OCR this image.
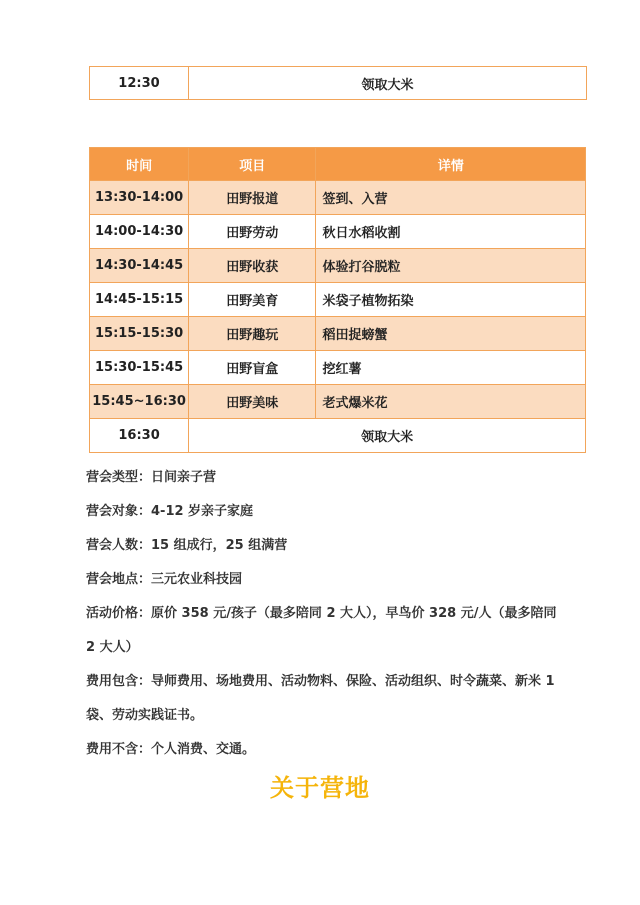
12:30	领取大米
时间	项目	详情
13:30-14:00	田野报道	签到、入营
14:00-14:30	田野劳动	秋日水稻收割
14:30-14:45	田野收获	体验打谷脱粒
14:45-15:15	田野美育	米袋子植物拓染
15:15-15:30	田野趣玩	稻田捉螃蟹
15:30-15:45	田野盲盒	挖红薯
15:45~16:30	田野美味	老式爆米花
16:30	领取大米	

营会类型：日间亲子营

营会对象：4-12 岁亲子家庭

营会人数：15 组成行，25 组满营

营会地点：三元农业科技园

活动价格：原价 358 元/孩子（最多陪同 2 大人），早鸟价 328 元/人（最多陪同 2 大人）

费用包含：导师费用、场地费用、活动物料、保险、活动组织、时令蔬菜、新米 1 袋、劳动实践证书。

费用不含：个人消费、交通。

关于营地
